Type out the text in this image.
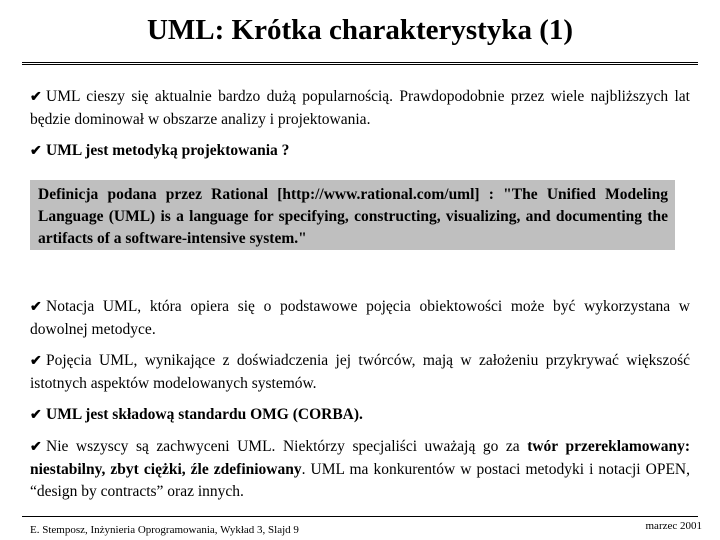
UML: Krótka charakterystyka (1)
✔ UML cieszy się aktualnie bardzo dużą popularnością. Prawdopodobnie przez wiele najbliższych lat będzie dominował w obszarze analizy i projektowania.
✔ UML jest metodyką projektowania ?
Definicja podana przez Rational [http://www.rational.com/uml] : "The Unified Modeling Language (UML) is a language for specifying, constructing, visualizing, and documenting the artifacts of a software-intensive system."
✔ Notacja UML, która opiera się o podstawowe pojęcia obiektowości może być wykorzystana w dowolnej metodyce.
✔ Pojęcia UML, wynikające z doświadczenia jej twórców, mają w założeniu przykrywać większość istotnych aspektów modelowanych systemów.
✔ UML jest składową standardu OMG (CORBA).
✔ Nie wszyscy są zachwyceni UML. Niektórzy specjaliści uważają go za twór przereklamowany: niestabilny, zbyt ciężki, źle zdefiniowany. UML ma konkurentów w postaci metodyki i notacji OPEN, “design by contracts” oraz innych.
E. Stemposz, Inżynieria Oprogramowania, Wykład 3, Slajd 9	marzec 2001
